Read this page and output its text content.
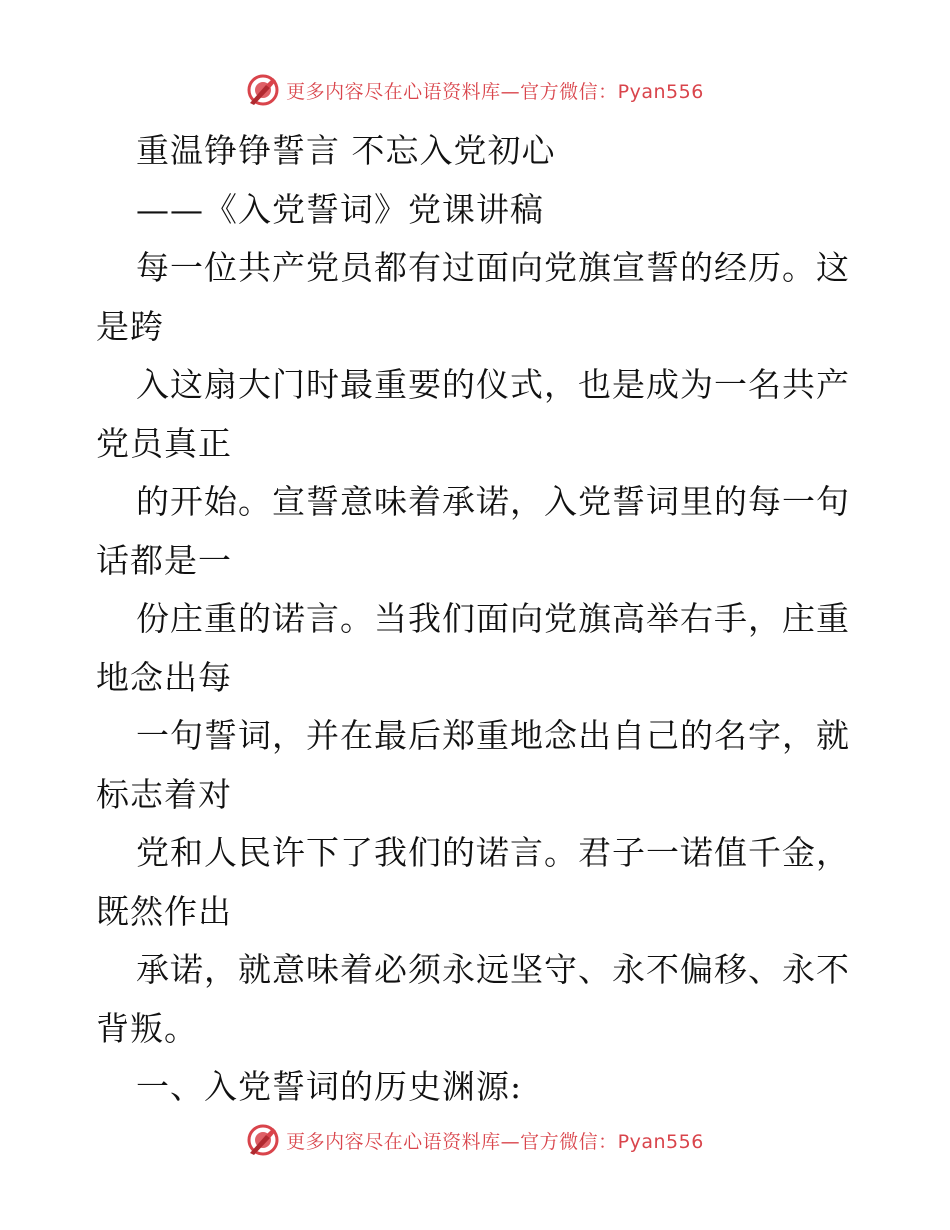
更多内容尽在心语资料库—官方微信：Pyan556
重温铮铮誓言 不忘入党初心
——《入党誓词》党课讲稿
每一位共产党员都有过面向党旗宣誓的经历。这
是跨
入这扇大门时最重要的仪式，也是成为一名共产
党员真正
的开始。宣誓意味着承诺，入党誓词里的每一句
话都是一
份庄重的诺言。当我们面向党旗高举右手，庄重
地念出每
一句誓词，并在最后郑重地念出自己的名字，就
标志着对
党和人民许下了我们的诺言。君子一诺值千金，
既然作出
承诺，就意味着必须永远坚守、永不偏移、永不
背叛。
一、入党誓词的历史渊源:
更多内容尽在心语资料库—官方微信：Pyan556
